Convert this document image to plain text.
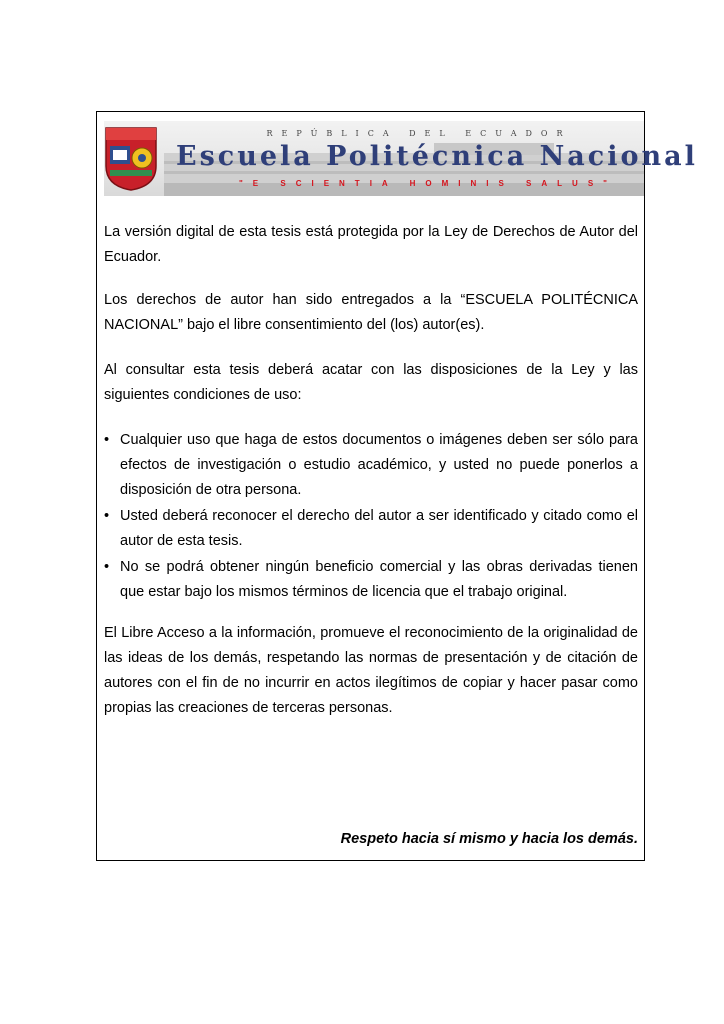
REPÚBLICA DEL ECUADOR
Escuela Politécnica Nacional
"E SCIENTIA HOMINIS SALUS"

La versión digital de esta tesis está protegida por la Ley de Derechos de Autor del Ecuador.

Los derechos de autor han sido entregados a la “ESCUELA POLITÉCNICA NACIONAL” bajo el libre consentimiento del (los) autor(es).

Al consultar esta tesis deberá acatar con las disposiciones de la Ley y las siguientes condiciones de uso:

• Cualquier uso que haga de estos documentos o imágenes deben ser sólo para efectos de investigación o estudio académico, y usted no puede ponerlos a disposición de otra persona.
• Usted deberá reconocer el derecho del autor a ser identificado y citado como el autor de esta tesis.
• No se podrá obtener ningún beneficio comercial y las obras derivadas tienen que estar bajo los mismos términos de licencia que el trabajo original.

El Libre Acceso a la información, promueve el reconocimiento de la originalidad de las ideas de los demás, respetando las normas de presentación y de citación de autores con el fin de no incurrir en actos ilegítimos de copiar y hacer pasar como propias las creaciones de terceras personas.

Respeto hacia sí mismo y hacia los demás.
